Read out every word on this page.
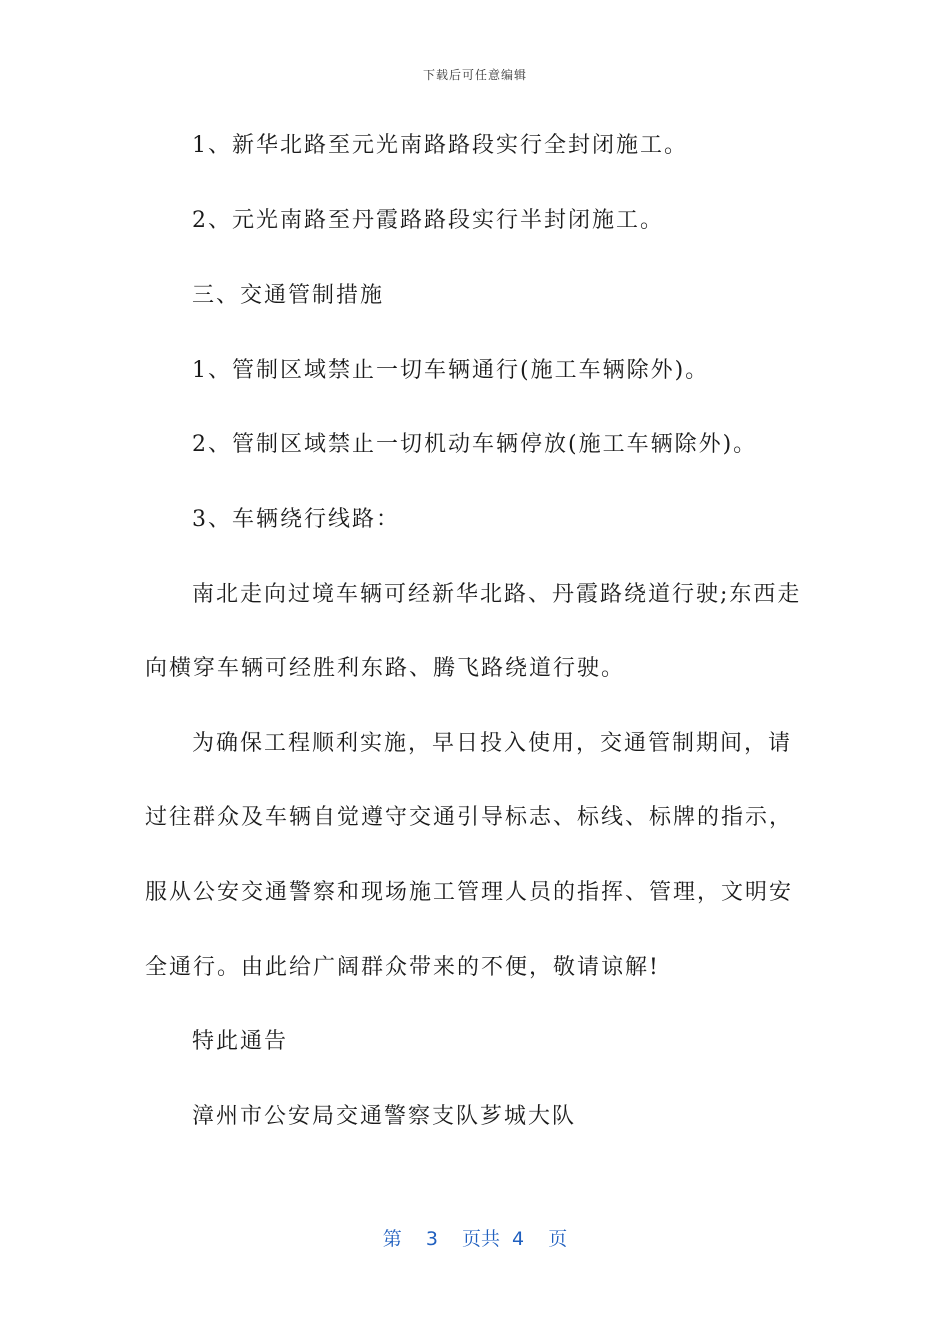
下载后可任意编辑
1、新华北路至元光南路路段实行全封闭施工。
2、元光南路至丹霞路路段实行半封闭施工。
三、交通管制措施
1、管制区域禁止一切车辆通行(施工车辆除外)。
2、管制区域禁止一切机动车辆停放(施工车辆除外)。
3、车辆绕行线路：
南北走向过境车辆可经新华北路、丹霞路绕道行驶;东西走
向横穿车辆可经胜利东路、腾飞路绕道行驶。
为确保工程顺利实施，早日投入使用，交通管制期间，请
过往群众及车辆自觉遵守交通引导标志、标线、标牌的指示，
服从公安交通警察和现场施工管理人员的指挥、管理，文明安
全通行。由此给广阔群众带来的不便，敬请谅解!
特此通告
漳州市公安局交通警察支队芗城大队
第 3 页共 4 页
